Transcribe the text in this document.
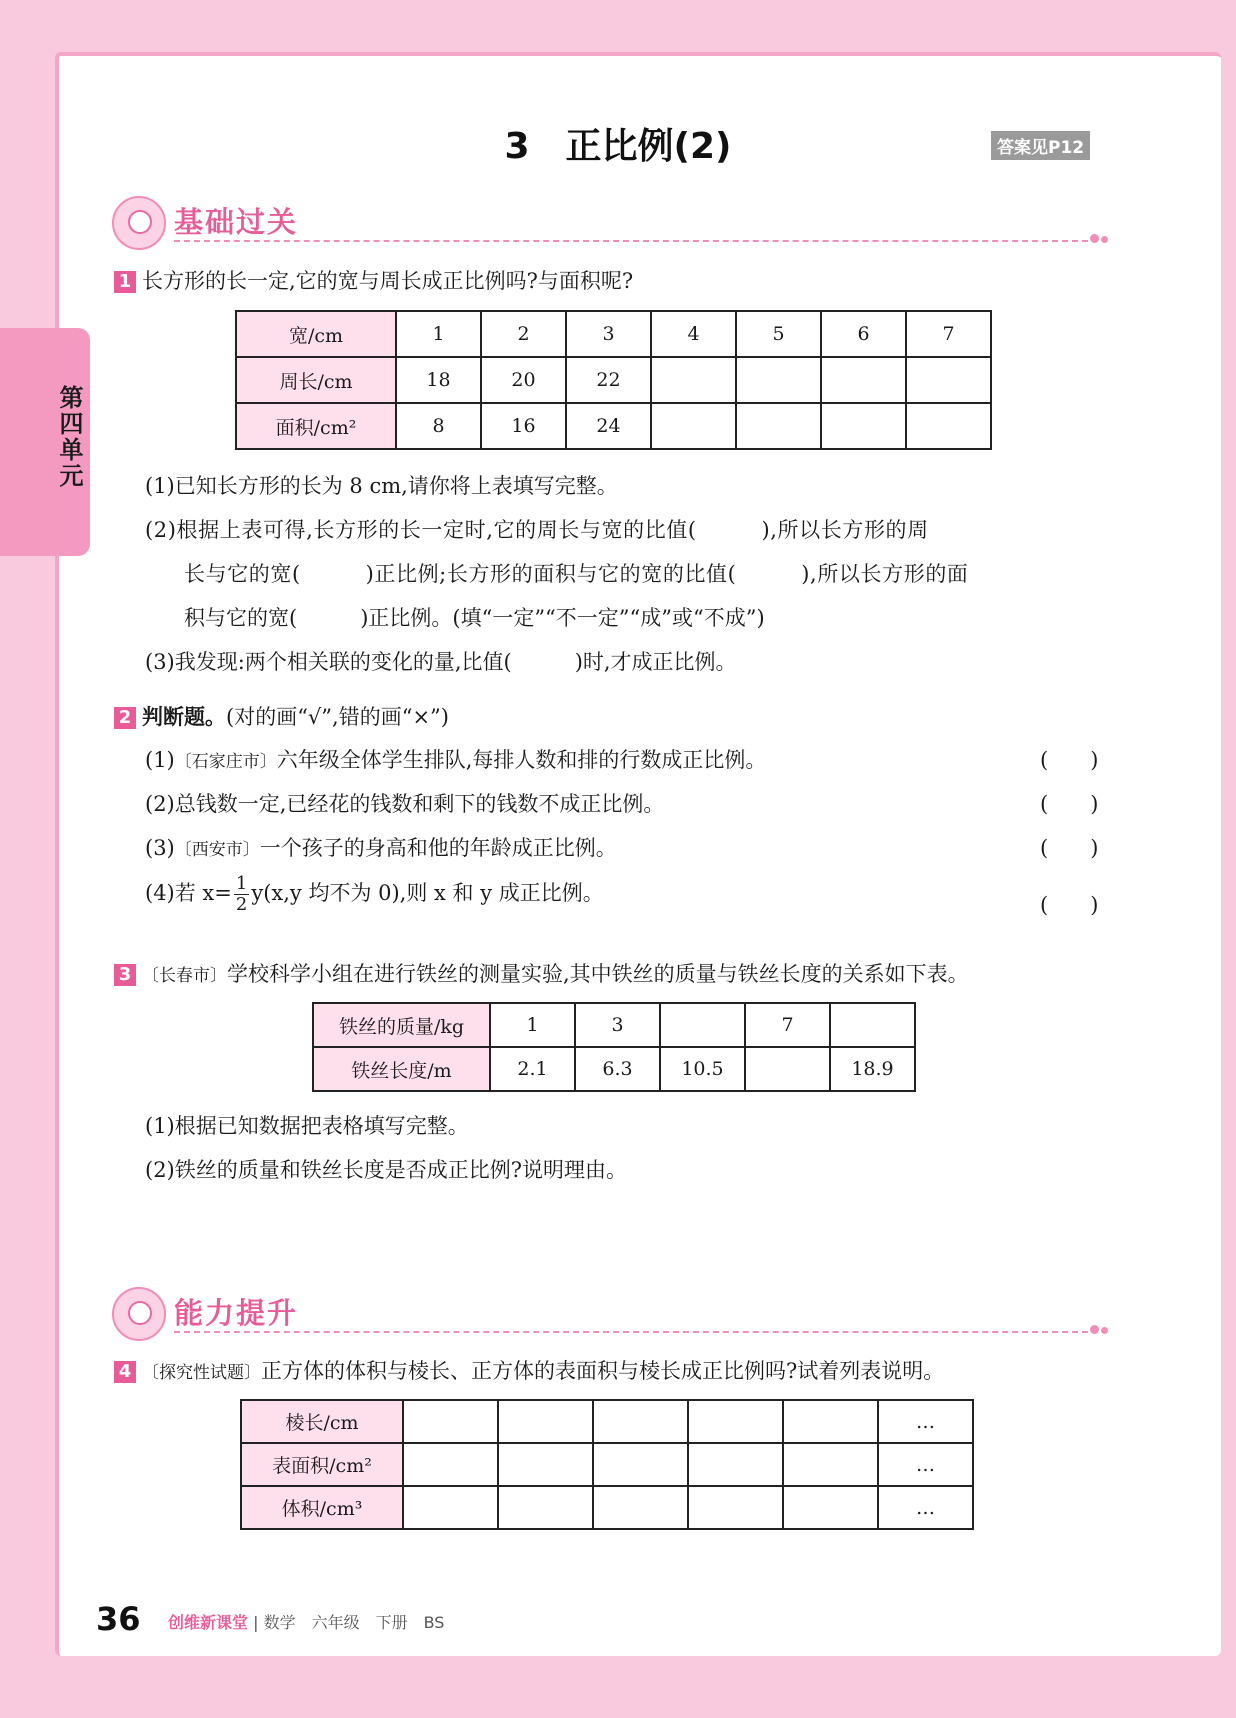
第四单元
3　正比例(2)	答案见P12
基础过关
1 长方形的长一定,它的宽与周长成正比例吗?与面积呢?
宽/cm	1	2	3	4	5	6	7
周长/cm	18	20	22				
面积/cm²	8	16	24				
(1)已知长方形的长为 8 cm,请你将上表填写完整。
(2)根据上表可得,长方形的长一定时,它的周长与宽的比值(　　　),所以长方形的周
长与它的宽(　　　)正比例;长方形的面积与它的宽的比值(　　　),所以长方形的面
积与它的宽(　　　)正比例。(填“一定”“不一定”“成”或“不成”)
(3)我发现:两个相关联的变化的量,比值(　　　)时,才成正比例。
2 判断题。(对的画“√”,错的画“×”)
(1)〔石家庄市〕六年级全体学生排队,每排人数和排的行数成正比例。	(　　)
(2)总钱数一定,已经花的钱数和剩下的钱数不成正比例。	(　　)
(3)〔西安市〕一个孩子的身高和他的年龄成正比例。	(　　)
(4)若 $x= \frac{1}{2} y(x,y$ 均不为 0),则 x 和 y 成正比例。	(　　)
3 〔长春市〕学校科学小组在进行铁丝的测量实验,其中铁丝的质量与铁丝长度的关系如下表。
铁丝的质量/kg	1	3		7	
铁丝长度/m	2.1	6.3	10.5		18.9
(1)根据已知数据把表格填写完整。
(2)铁丝的质量和铁丝长度是否成正比例?说明理由。
能力提升
4 〔探究性试题〕正方体的体积与棱长、正方体的表面积与棱长成正比例吗?试着列表说明。
棱长/cm						…
表面积/cm²						…
体积/cm³						…
36 创维新课堂 | 数学　六年级　下册　BS
